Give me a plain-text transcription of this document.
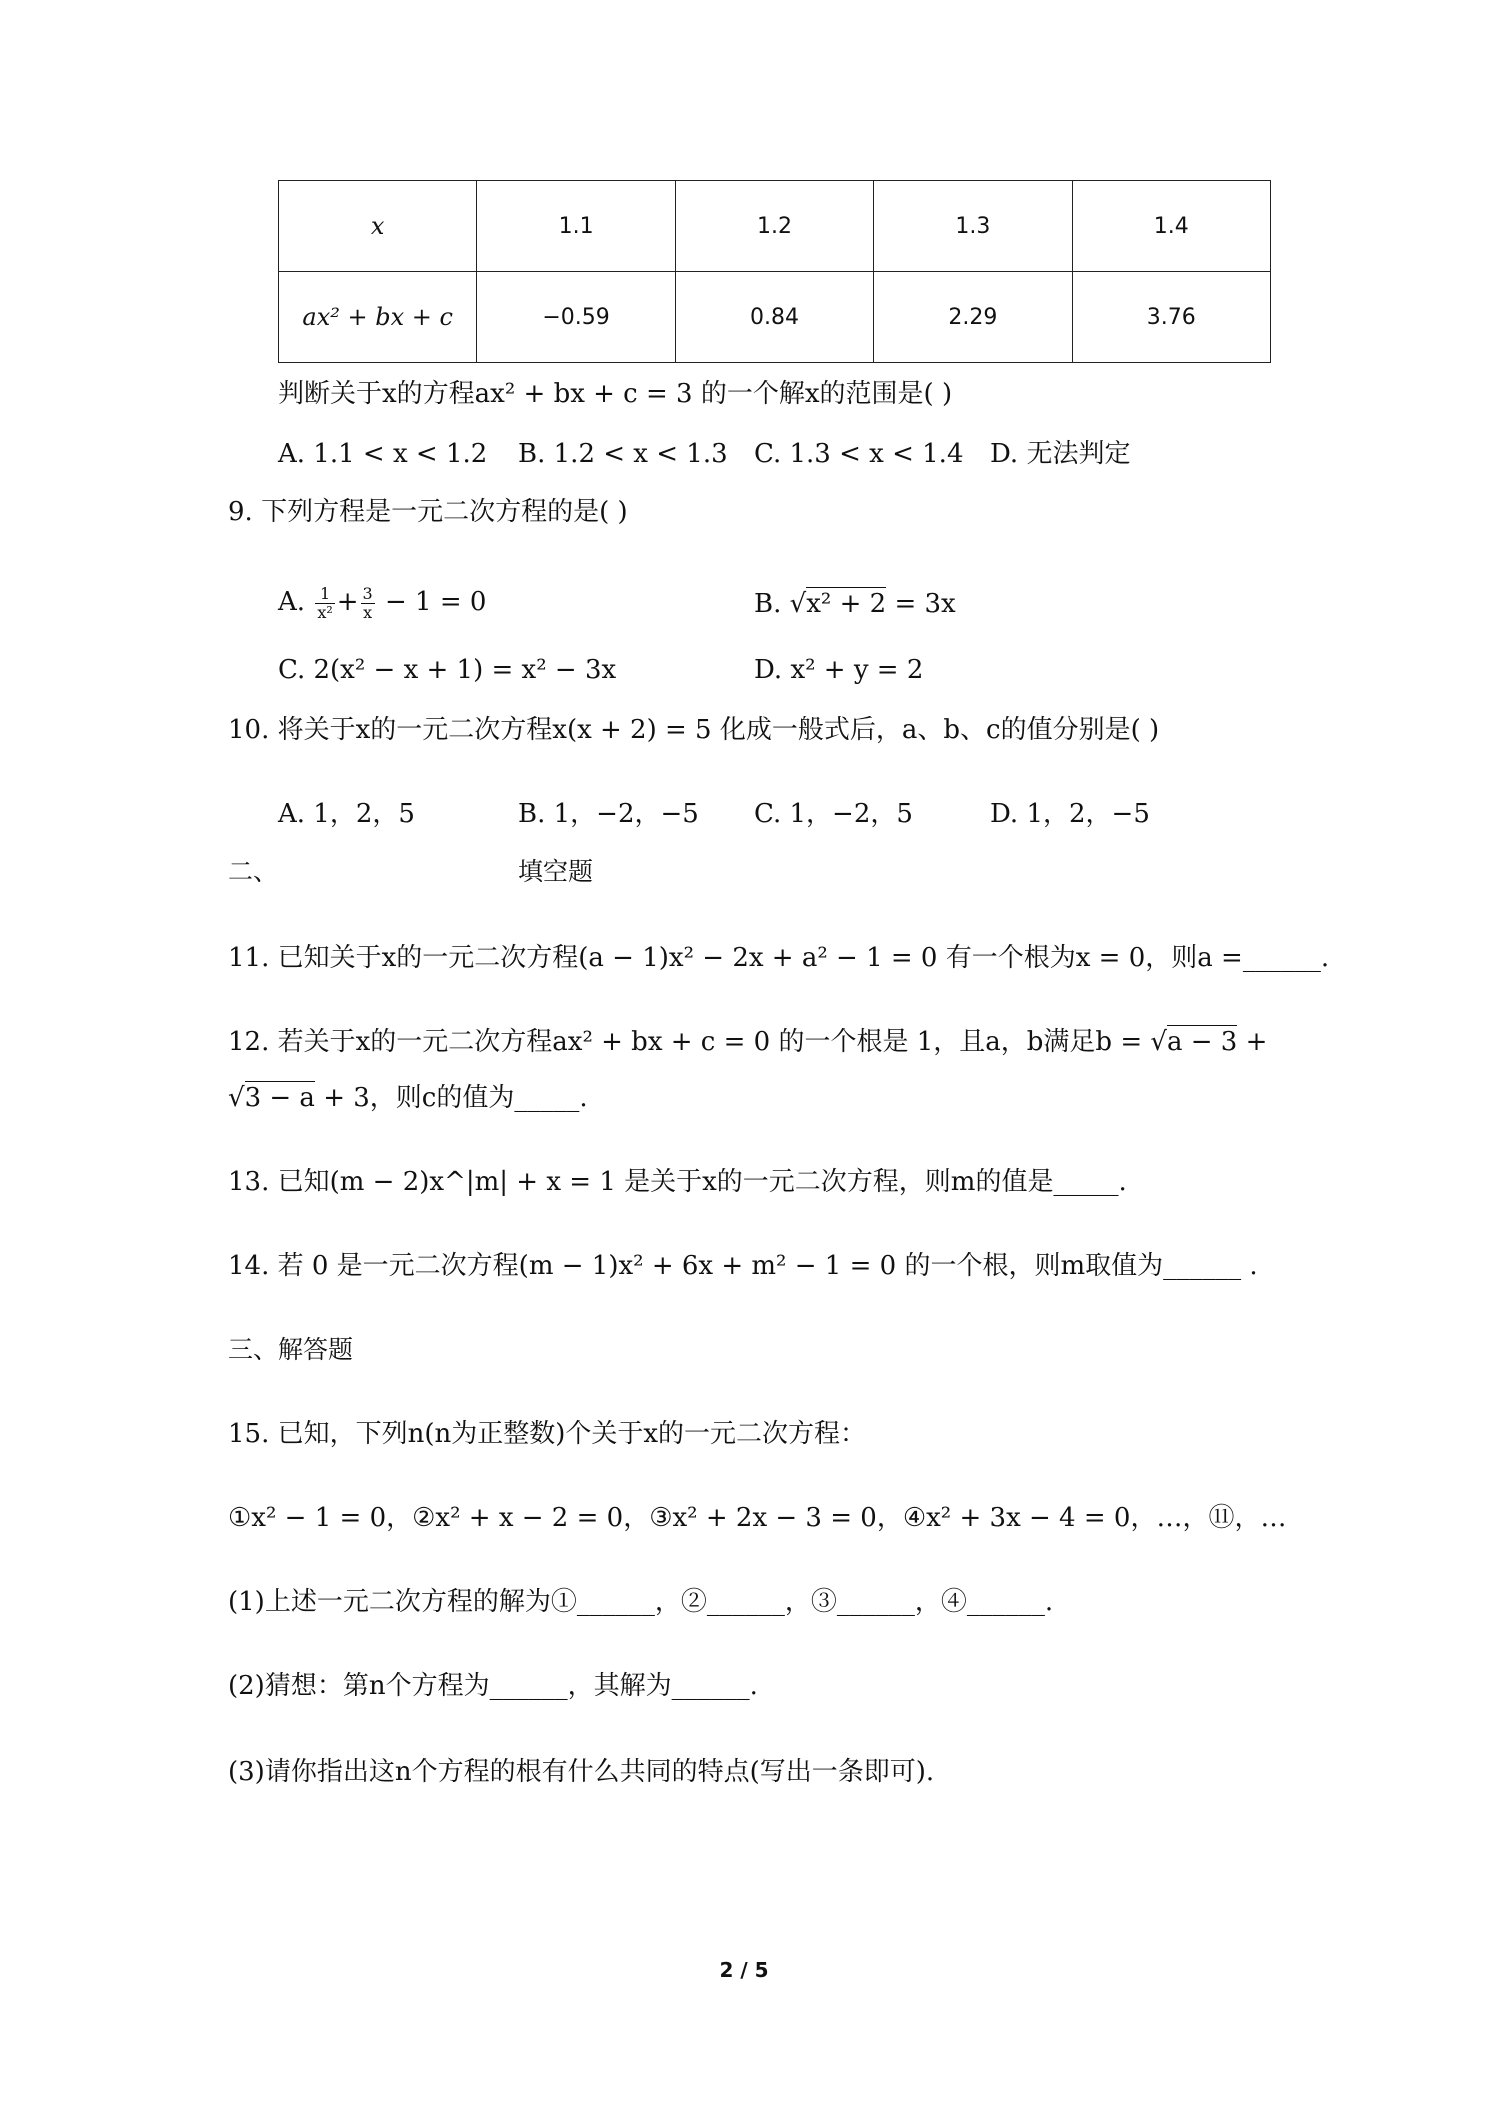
x	1.1	1.2	1.3	1.4
ax² + bx + c	−0.59	0.84	2.29	3.76
判断关于x的方程ax² + bx + c = 3 的一个解x的范围是( )
A. 1.1 < x < 1.2 B. 1.2 < x < 1.3 C. 1.3 < x < 1.4 D. 无法判定
9. 下列方程是一元二次方程的是( )
A. $\frac{1}{\text{x²}} + \frac{3}{x} - 1 = 0$	B. √x² + 2 = 3x
C. 2(x² − x + 1) = x² − 3x	D. x² + y = 2
10. 将关于x的一元二次方程x(x + 2) = 5 化成一般式后，a、b、c的值分别是( )
A. 1，2，5	B. 1，−2，−5 C. 1，−2，5	D. 1，2，−5
二、	填空题
11. 已知关于x的一元二次方程(a − 1)x² − 2x + a² − 1 = 0 有一个根为x = 0，则a =______.
12. 若关于x的一元二次方程ax² + bx + c = 0 的一个根是 1，且a，b满足b = √a − 3 +
√3 − a + 3，则c的值为_____.
13. 已知(m − 2)x^|m| + x = 1 是关于x的一元二次方程，则m的值是_____.
14. 若 0 是一元二次方程(m − 1)x² + 6x + m² − 1 = 0 的一个根，则m取值为______ .
三、解答题
15. 已知，下列n(n为正整数)个关于x的一元二次方程：
①x² − 1 = 0，②x² + x − 2 = 0，③x² + 2x − 3 = 0，④x² + 3x − 4 = 0，…，⑪，…
(1)上述一元二次方程的解为①______，②______，③______，④______.
(2)猜想：第n个方程为______，其解为______.
(3)请你指出这n个方程的根有什么共同的特点(写出一条即可).
2 / 5
